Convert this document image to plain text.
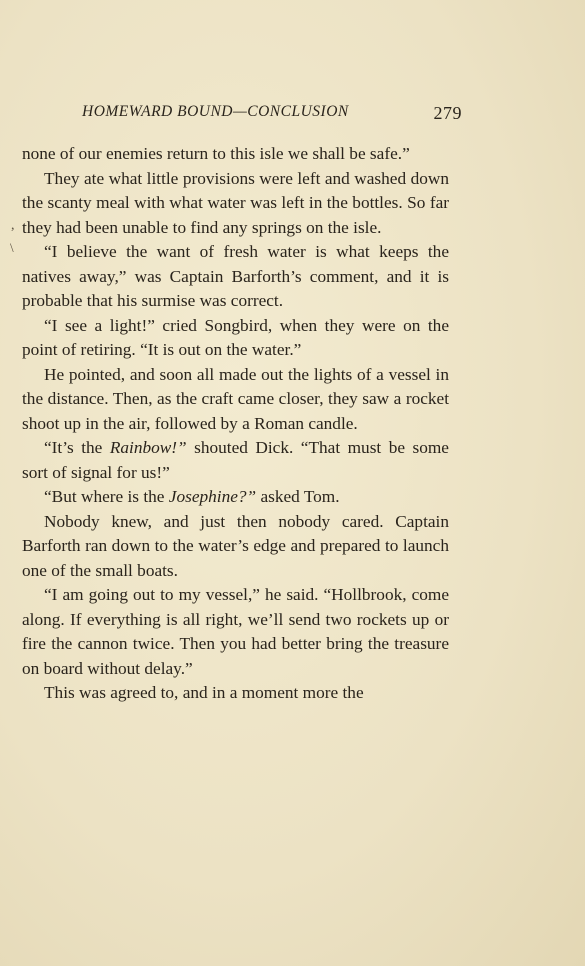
HOMEWARD BOUND—CONCLUSION	279
,
\

none of our enemies return to this isle we shall be safe.”

They ate what little provisions were left and washed down the scanty meal with what water was left in the bottles. So far they had been unable to find any springs on the isle.

“I believe the want of fresh water is what keeps the natives away,” was Captain Barforth’s comment, and it is probable that his surmise was correct.

“I see a light!” cried Songbird, when they were on the point of retiring. “It is out on the water.”

He pointed, and soon all made out the lights of a vessel in the distance. Then, as the craft came closer, they saw a rocket shoot up in the air, followed by a Roman candle.

“It’s the Rainbow!” shouted Dick. “That must be some sort of signal for us!”

“But where is the Josephine?” asked Tom.

Nobody knew, and just then nobody cared. Captain Barforth ran down to the water’s edge and prepared to launch one of the small boats.

“I am going out to my vessel,” he said. “Hollbrook, come along. If everything is all right, we’ll send two rockets up or fire the cannon twice. Then you had better bring the treasure on board without delay.”

This was agreed to, and in a moment more the
